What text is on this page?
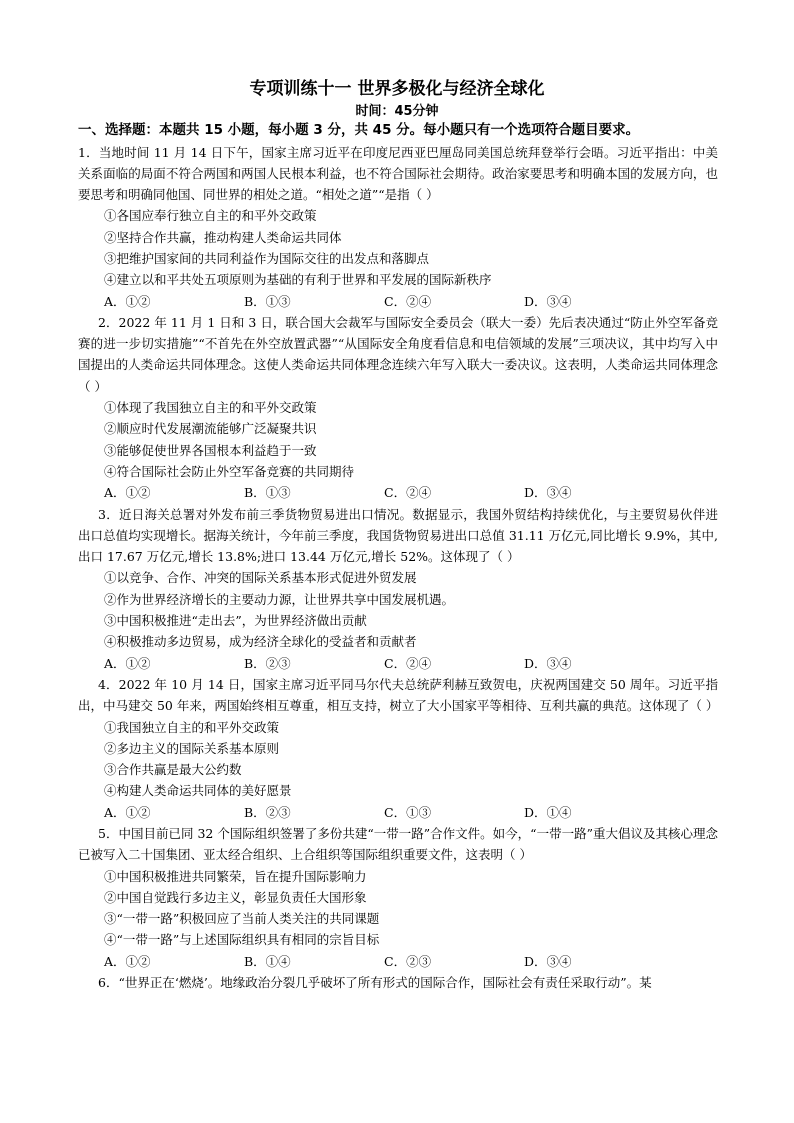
专项训练十一 世界多极化与经济全球化
时间：45分钟
一、选择题：本题共 15 小题，每小题 3 分，共 45 分。每小题只有一个选项符合题目要求。

1．当地时间 11 月 14 日下午，国家主席习近平在印度尼西亚巴厘岛同美国总统拜登举行会晤。习近平指出：中美关系面临的局面不符合两国和两国人民根本利益，也不符合国际社会期待。政治家要思考和明确本国的发展方向，也要思考和明确同他国、同世界的相处之道。“相处之道”“是指（ ）

①各国应奉行独立自主的和平外交政策

②坚持合作共赢，推动构建人类命运共同体

③把维护国家间的共同利益作为国际交往的出发点和落脚点

④建立以和平共处五项原则为基础的有利于世界和平发展的国际新秩序

A．①②	B．①③	C．②④	D．③④

2．2022 年 11 月 1 日和 3 日，联合国大会裁军与国际安全委员会（联大一委）先后表决通过“防止外空军备竞赛的进一步切实措施”“不首先在外空放置武器”“从国际安全角度看信息和电信领域的发展”三项决议，其中均写入中国提出的人类命运共同体理念。这使人类命运共同体理念连续六年写入联大一委决议。这表明，人类命运共同体理念（ ）

①体现了我国独立自主的和平外交政策

②顺应时代发展潮流能够广泛凝聚共识

③能够促使世界各国根本利益趋于一致

④符合国际社会防止外空军备竞赛的共同期待

A．①②	B．①③	C．②④	D．③④

3．近日海关总署对外发布前三季货物贸易进出口情况。数据显示，我国外贸结构持续优化，与主要贸易伙伴进出口总值均实现增长。据海关统计，今年前三季度，我国货物贸易进出口总值 31.11 万亿元,同比增长 9.9%，其中,出口 17.67 万亿元,增长 13.8%;进口 13.44 万亿元,增长 52%。这体现了（ ）

①以竞争、合作、冲突的国际关系基本形式促进外贸发展

②作为世界经济增长的主要动力源，让世界共享中国发展机遇。

③中国积极推进“走出去”，为世界经济做出贡献

④积极推动多边贸易，成为经济全球化的受益者和贡献者

A．①②	B．②③	C．②④	D．③④

4．2022 年 10 月 14 日，国家主席习近平同马尔代夫总统萨利赫互致贺电，庆祝两国建交 50 周年。习近平指出，中马建交 50 年来，两国始终相互尊重，相互支持，树立了大小国家平等相待、互利共赢的典范。这体现了（ ）

①我国独立自主的和平外交政策

②多边主义的国际关系基本原则

③合作共赢是最大公约数

④构建人类命运共同体的美好愿景

A．①②	B．②③	C．①③	D．①④

5．中国目前已同 32 个国际组织签署了多份共建“一带一路”合作文件。如今，“一带一路”重大倡议及其核心理念已被写入二十国集团、亚太经合组织、上合组织等国际组织重要文件，这表明（ ）

①中国积极推进共同繁荣，旨在提升国际影响力

②中国自觉践行多边主义，彰显负责任大国形象

③“一带一路”积极回应了当前人类关注的共同课题

④“一带一路”与上述国际组织具有相同的宗旨目标

A．①②	B．①④	C．②③	D．③④

6．“世界正在‘燃烧’。地缘政治分裂几乎破坏了所有形式的国际合作，国际社会有责任采取行动”。某
